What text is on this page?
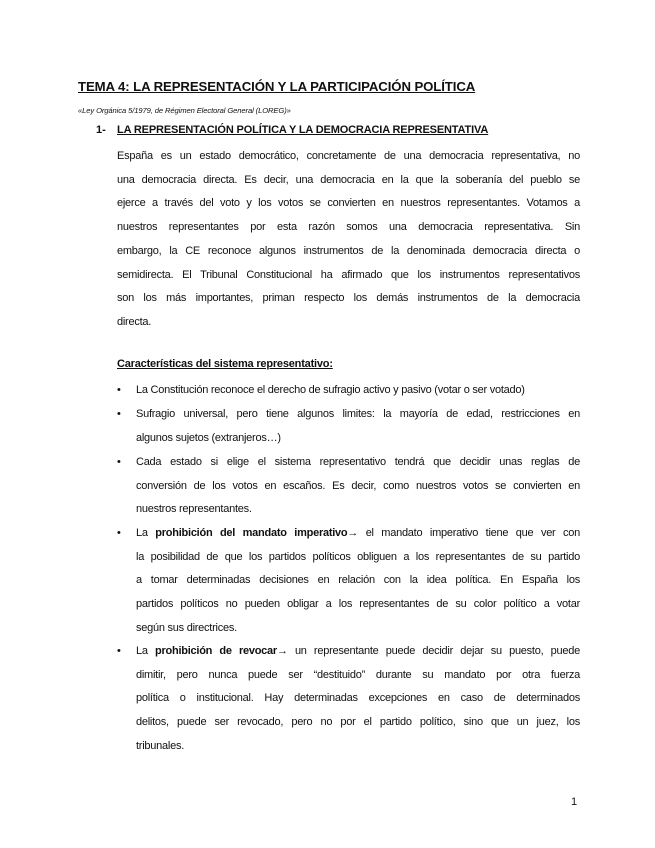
TEMA 4: LA REPRESENTACIÓN Y LA PARTICIPACIÓN POLÍTICA
«Ley Orgánica 5/1979, de Régimen Electoral General (LOREG)»
1- LA REPRESENTACIÓN POLÍTICA Y LA DEMOCRACIA REPRESENTATIVA
España es un estado democrático, concretamente de una democracia representativa, no
una democracia directa. Es decir, una democracia en la que la soberanía del pueblo se
ejerce a través del voto y los votos se convierten en nuestros representantes. Votamos a
nuestros representantes por esta razón somos una democracia representativa. Sin
embargo, la CE reconoce algunos instrumentos de la denominada democracia directa o
semidirecta. El Tribunal Constitucional ha afirmado que los instrumentos representativos
son los más importantes, priman respecto los demás instrumentos de la democracia
directa.
Características del sistema representativo:
• La Constitución reconoce el derecho de sufragio activo y pasivo (votar o ser votado)
• Sufragio universal, pero tiene algunos limites: la mayoría de edad, restricciones en
algunos sujetos (extranjeros…)
• Cada estado si elige el sistema representativo tendrá que decidir unas reglas de
conversión de los votos en escaños. Es decir, como nuestros votos se convierten en
nuestros representantes.
• La prohibición del mandato imperativo→ el mandato imperativo tiene que ver con
la posibilidad de que los partidos políticos obliguen a los representantes de su partido
a tomar determinadas decisiones en relación con la idea política. En España los
partidos políticos no pueden obligar a los representantes de su color político a votar
según sus directrices.
• La prohibición de revocar→ un representante puede decidir dejar su puesto, puede
dimitir, pero nunca puede ser “destituido” durante su mandato por otra fuerza
política o institucional. Hay determinadas excepciones en caso de determinados
delitos, puede ser revocado, pero no por el partido político, sino que un juez, los
tribunales.
1
